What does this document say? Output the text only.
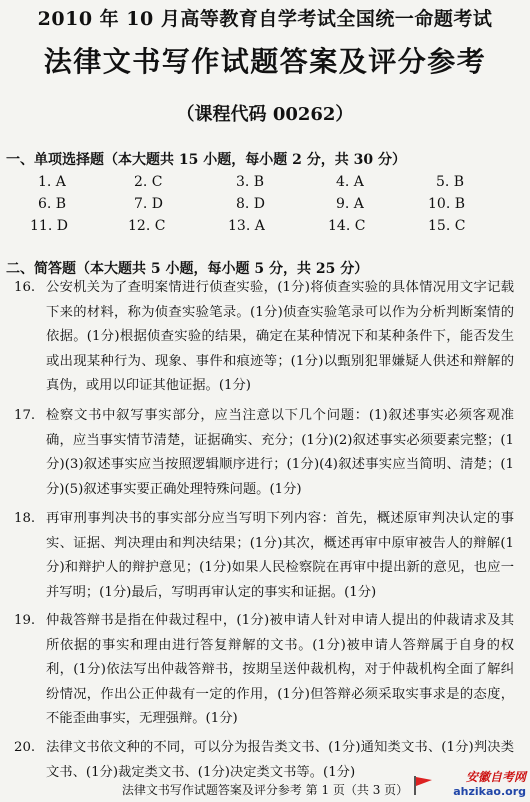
2010 年 10 月高等教育自学考试全国统一命题考试
法律文书写作试题答案及评分参考
（课程代码 00262）
一、单项选择题（本大题共 15 小题，每小题 2 分，共 30 分）
1. A	2. C	3. B	4. A	5. B
6. B	7. D	8. D	9. A	10. B
11. D	12. C	13. A	14. C	15. C
二、简答题（本大题共 5 小题，每小题 5 分，共 25 分）
16. 公安机关为了查明案情进行侦查实验，(1分)将侦查实验的具体情况用文字记载下来的材料，称为侦查实验笔录。(1分)侦查实验笔录可以作为分析判断案情的依据。(1分)根据侦查实验的结果，确定在某种情况下和某种条件下，能否发生或出现某种行为、现象、事件和痕迹等；(1分)以甄别犯罪嫌疑人供述和辩解的真伪，或用以印证其他证据。(1分)
17. 检察文书中叙写事实部分，应当注意以下几个问题：(1)叙述事实必须客观准确，应当事实情节清楚，证据确实、充分；(1分)(2)叙述事实必须要素完整；(1分)(3)叙述事实应当按照逻辑顺序进行；(1分)(4)叙述事实应当简明、清楚；(1分)(5)叙述事实要正确处理特殊问题。(1分)
18. 再审刑事判决书的事实部分应当写明下列内容：首先，概述原审判决认定的事实、证据、判决理由和判决结果；(1分)其次，概述再审中原审被告人的辩解(1分)和辩护人的辩护意见；(1分)如果人民检察院在再审中提出新的意见，也应一并写明；(1分)最后，写明再审认定的事实和证据。(1分)
19. 仲裁答辩书是指在仲裁过程中，(1分)被申请人针对申请人提出的仲裁请求及其所依据的事实和理由进行答复辩解的文书。(1分)被申请人答辩属于自身的权利，(1分)依法写出仲裁答辩书，按期呈送仲裁机构，对于仲裁机构全面了解纠纷情况，作出公正仲裁有一定的作用，(1分)但答辩必须采取实事求是的态度，不能歪曲事实，无理强辩。(1分)
20. 法律文书依文种的不同，可以分为报告类文书、(1分)通知类文书、(1分)判决类文书、(1分)裁定类文书、(1分)决定类文书等。(1分)
法律文书写作试题答案及评分参考 第 1 页（共 3 页）
安徽自考网
ahzikao.org
